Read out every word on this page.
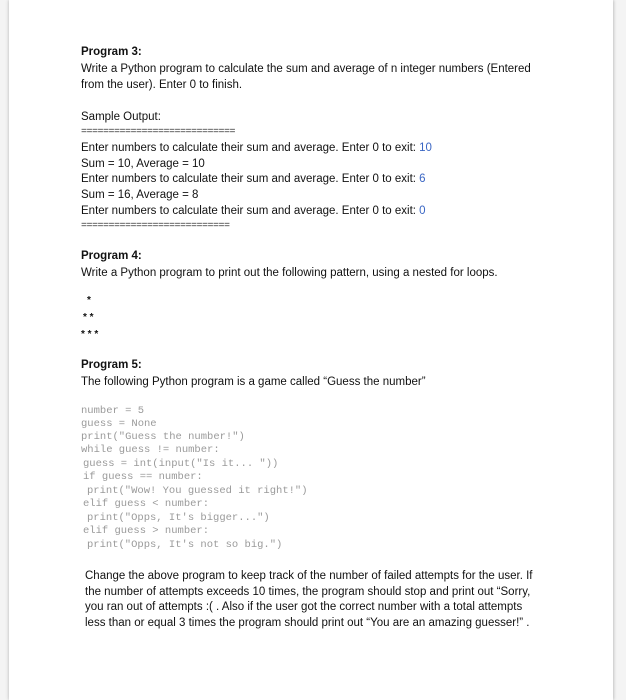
Program 3:
Write a Python program to calculate the sum and average of n integer numbers (Entered
from the user). Enter 0 to finish.
Sample Output:
============================
Enter numbers to calculate their sum and average. Enter 0 to exit: 10
Sum = 10, Average = 10
Enter numbers to calculate their sum and average. Enter 0 to exit: 6
Sum = 16, Average = 8
Enter numbers to calculate their sum and average. Enter 0 to exit: 0
===========================
Program 4:
Write a Python program to print out the following pattern, using a nested for loops.
*
* *
* * *
Program 5:
The following Python program is a game called “Guess the number”
number = 5
guess = None
print("Guess the number!")
while guess != number:
guess = int(input("Is it... "))
if guess == number:
print("Wow! You guessed it right!")
elif guess < number:
print("Opps, It's bigger...")
elif guess > number:
print("Opps, It's not so big.")
Change the above program to keep track of the number of failed attempts for the user. If
the number of attempts exceeds 10 times, the program should stop and print out “Sorry,
you ran out of attempts :( . Also if the user got the correct number with a total attempts
less than or equal 3 times the program should print out “You are an amazing guesser!” .
